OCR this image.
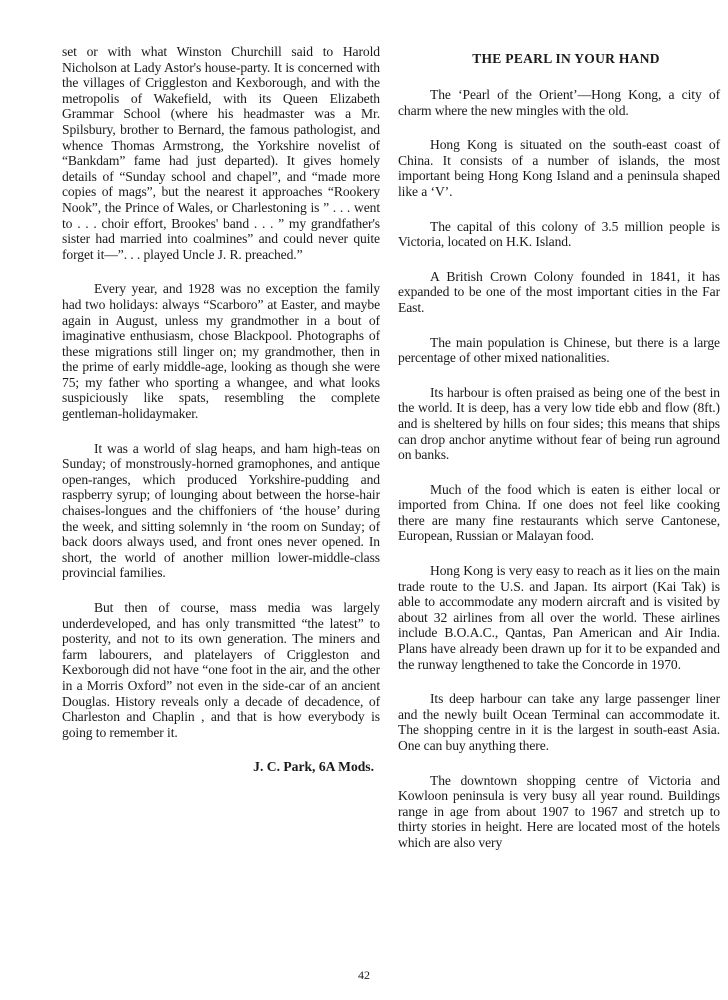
set or with what Winston Churchill said to Harold Nicholson at Lady Astor's house-party. It is concerned with the villages of Criggleston and Kexborough, and with the metropolis of Wakefield, with its Queen Elizabeth Grammar School (where his headmaster was a Mr. Spilsbury, brother to Bernard, the famous pathologist, and whence Thomas Armstrong, the Yorkshire novelist of “Bankdam” fame had just departed). It gives homely details of “Sunday school and chapel”, and “made more copies of mags”, but the nearest it approaches “Rookery Nook”, the Prince of Wales, or Charlestoning is ” . . . went to . . . choir effort, Brookes' band . . . ” my grandfather's sister had married into coalmines” and could never quite forget it—”. . . played Uncle J. R. preached.”

Every year, and 1928 was no exception the family had two holidays: always “Scarboro” at Easter, and maybe again in August, unless my grandmother in a bout of imaginative enthusiasm, chose Blackpool. Photographs of these migrations still linger on; my grandmother, then in the prime of early middle-age, looking as though she were 75; my father who sporting a whangee, and what looks suspiciously like spats, resembling the complete gentleman-holidaymaker.

It was a world of slag heaps, and ham high-teas on Sunday; of monstrously-horned gramophones, and antique open-ranges, which produced Yorkshire-pudding and raspberry syrup; of lounging about between the horse-hair chaises-longues and the chiffoniers of ‘the house’ during the week, and sitting solemnly in ‘the room on Sunday; of back doors always used, and front ones never opened. In short, the world of another million lower-middle-class provincial families.

But then of course, mass media was largely underdeveloped, and has only transmitted “the latest” to posterity, and not to its own generation. The miners and farm labourers, and platelayers of Criggleston and Kexborough did not have “one foot in the air, and the other in a Morris Oxford” not even in the side-car of an ancient Douglas. History reveals only a decade of decadence, of Charleston and Chaplin , and that is how everybody is going to remember it.

J. C. Park, 6A Mods.
THE PEARL IN YOUR HAND

The ‘Pearl of the Orient’—Hong Kong, a city of charm where the new mingles with the old.

Hong Kong is situated on the south-east coast of China. It consists of a number of islands, the most important being Hong Kong Island and a peninsula shaped like a ‘V’.

The capital of this colony of 3.5 million people is Victoria, located on H.K. Island.

A British Crown Colony founded in 1841, it has expanded to be one of the most important cities in the Far East.

The main population is Chinese, but there is a large percentage of other mixed nationalities.

Its harbour is often praised as being one of the best in the world. It is deep, has a very low tide ebb and flow (8ft.) and is sheltered by hills on four sides; this means that ships can drop anchor anytime without fear of being run aground on banks.

Much of the food which is eaten is either local or imported from China. If one does not feel like cooking there are many fine restaurants which serve Cantonese, European, Russian or Malayan food.

Hong Kong is very easy to reach as it lies on the main trade route to the U.S. and Japan. Its airport (Kai Tak) is able to accommodate any modern aircraft and is visited by about 32 airlines from all over the world. These airlines include B.O.A.C., Qantas, Pan American and Air India. Plans have already been drawn up for it to be expanded and the runway lengthened to take the Concorde in 1970.

Its deep harbour can take any large passenger liner and the newly built Ocean Terminal can accommodate it. The shopping centre in it is the largest in south-east Asia. One can buy anything there.

The downtown shopping centre of Victoria and Kowloon peninsula is very busy all year round. Buildings range in age from about 1907 to 1967 and stretch up to thirty stories in height. Here are located most of the hotels which are also very

42
